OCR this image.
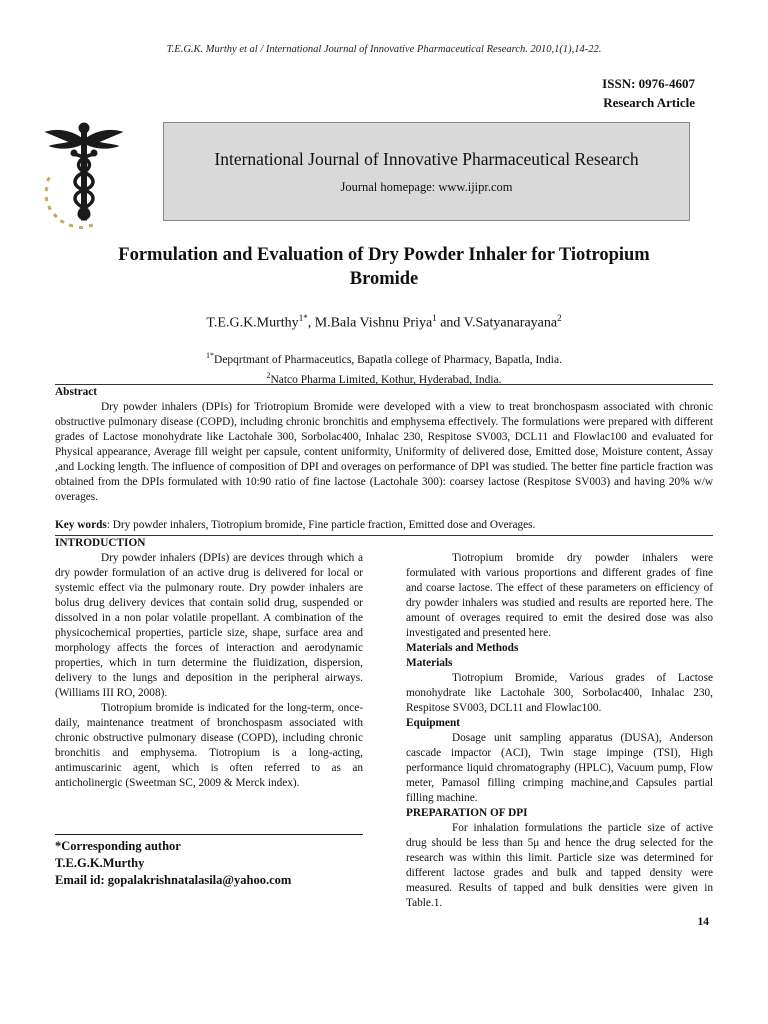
T.E.G.K. Murthy et al / International Journal of Innovative Pharmaceutical Research. 2010,1(1),14-22.
ISSN: 0976-4607
Research Article
International Journal of Innovative Pharmaceutical Research
Journal homepage: www.ijipr.com
Formulation and Evaluation of Dry Powder Inhaler for Tiotropium
Bromide
T.E.G.K.Murthy$^{1*}$, M.Bala Vishnu Priya$^1$ and V.Satyanarayana$^2$
$^{1*}$Depqrtmant of Pharmaceutics, Bapatla college of Pharmacy, Bapatla, India.
$^2$Natco Pharma Limited, Kothur, Hyderabad, India.
Abstract

Dry powder inhalers (DPIs) for Triotropium Bromide were developed with a view to treat bronchospasm associated with chronic obstructive pulmonary disease (COPD), including chronic bronchitis and emphysema effectively. The formulations were prepared with different grades of Lactose monohydrate like Lactohale 300, Sorbolac400, Inhalac 230, Respitose SV003, DCL11 and Flowlac100 and evaluated for Physical appearance, Average fill weight per capsule, content uniformity, Uniformity of delivered dose, Emitted dose, Moisture content, Assay ,and Locking length. The influence of composition of DPI and overages on performance of DPI was studied. The better fine particle fraction was obtained from the DPIs formulated with 10:90 ratio of fine lactose (Lactohale 300): coarsey lactose (Respitose SV003) and having 20% w/w overages.

Key words: Dry powder inhalers, Tiotropium bromide, Fine particle fraction, Emitted dose and Overages.

INTRODUCTION

Dry powder inhalers (DPIs) are devices through which a dry powder formulation of an active drug is delivered for local or systemic effect via the pulmonary route. Dry powder inhalers are bolus drug delivery devices that contain solid drug, suspended or dissolved in a non polar volatile propellant. A combination of the physicochemical properties, particle size, shape, surface area and morphology affects the forces of interaction and aerodynamic properties, which in turn determine the fluidization, dispersion, delivery to the lungs and deposition in the peripheral airways. (Williams III RO, 2008).

Tiotropium bromide is indicated for the long-term, once-daily, maintenance treatment of bronchospasm associated with chronic obstructive pulmonary disease (COPD), including chronic bronchitis and emphysema. Tiotropium is a long-acting, antimuscarinic agent, which is often referred to as an anticholinergic (Sweetman SC, 2009 & Merck index).

*Corresponding author
T.E.G.K.Murthy
Email id: gopalakrishnatalasila@yahoo.com

Tiotropium bromide dry powder inhalers were formulated with various proportions and different grades of fine and coarse lactose. The effect of these parameters on efficiency of dry powder inhalers was studied and results are reported here. The amount of overages required to emit the desired dose was also investigated and presented here.

Materials and Methods

Materials

Tiotropium Bromide, Various grades of Lactose monohydrate like Lactohale 300, Sorbolac400, Inhalac 230, Respitose SV003, DCL11 and Flowlac100.

Equipment

Dosage unit sampling apparatus (DUSA), Anderson cascade impactor (ACI), Twin stage impinge (TSI), High performance liquid chromatography (HPLC), Vacuum pump, Flow meter, Pamasol filling crimping machine,and Capsules partial filling machine.

PREPARATION OF DPI

For inhalation formulations the particle size of active drug should be less than 5μ and hence the drug selected for the research was within this limit. Particle size was determined for different lactose grades and bulk and tapped density were measured. Results of tapped and bulk densities were given in Table.1.

14
